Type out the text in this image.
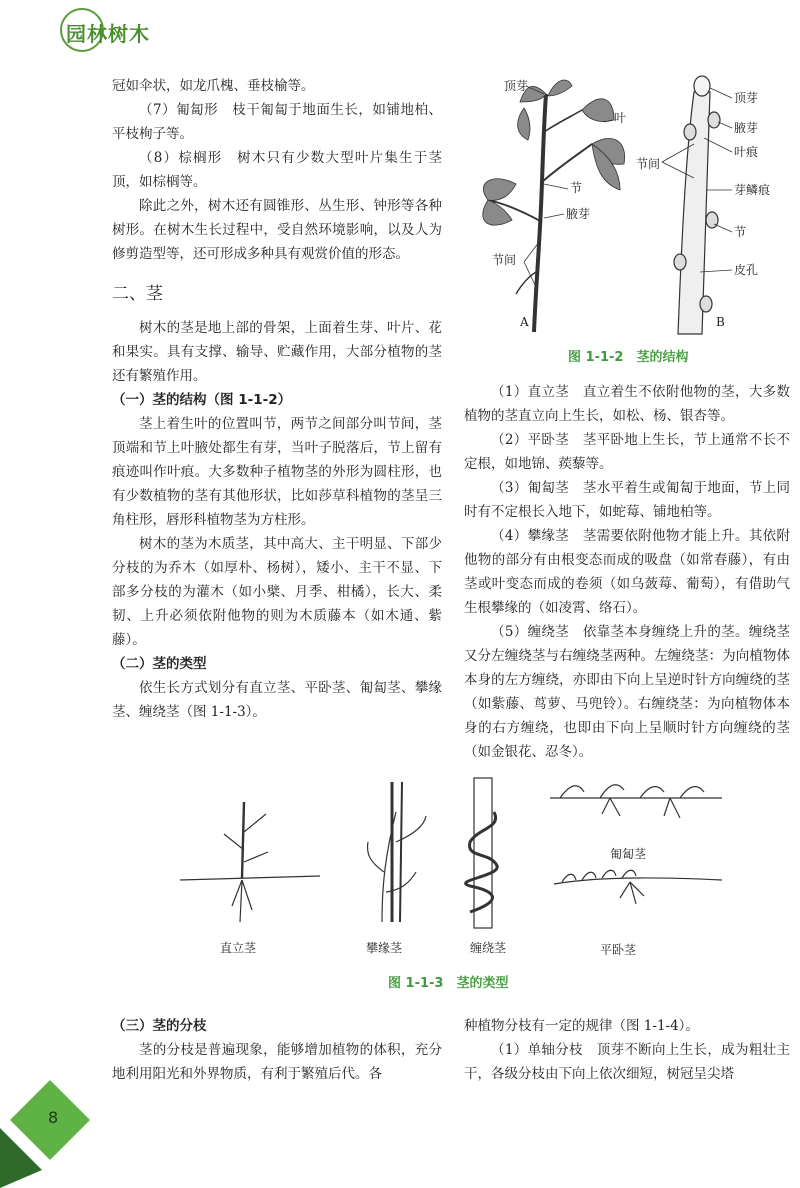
园林树木

冠如伞状，如龙爪槐、垂枝榆等。

（7）匍匐形　枝干匍匐于地面生长，如铺地柏、平枝栒子等。

（8）棕榈形　树木只有少数大型叶片集生于茎顶，如棕榈等。

除此之外，树木还有圆锥形、丛生形、钟形等各种树形。在树木生长过程中，受自然环境影响，以及人为修剪造型等，还可形成多种具有观赏价值的形态。

二、茎

树木的茎是地上部的骨架，上面着生芽、叶片、花和果实。具有支撑、输导、贮藏作用，大部分植物的茎还有繁殖作用。

（一）茎的结构（图 1-1-2）

茎上着生叶的位置叫节，两节之间部分叫节间，茎顶端和节上叶腋处都生有芽，当叶子脱落后，节上留有痕迹叫作叶痕。大多数种子植物茎的外形为圆柱形，也有少数植物的茎有其他形状，比如莎草科植物的茎呈三角柱形，唇形科植物茎为方柱形。

树木的茎为木质茎，其中高大、主干明显、下部少分枝的为乔木（如厚朴、杨树），矮小、主干不显、下部多分枝的为灌木（如小檗、月季、柑橘），长大、柔韧、上升必须依附他物的则为木质藤本（如木通、紫藤）。

（二）茎的类型

依生长方式划分有直立茎、平卧茎、匍匐茎、攀缘茎、缠绕茎（图 1-1-3）。

顶芽
叶
节
腋芽
节间
A
顶芽
腋芽
叶痕
节间
芽鳞痕
节
皮孔
B
图 1-1-2　茎的结构

（1）直立茎　直立着生不依附他物的茎，大多数植物的茎直立向上生长，如松、杨、银杏等。

（2）平卧茎　茎平卧地上生长，节上通常不长不定根，如地锦、蒺藜等。

（3）匍匐茎　茎水平着生或匍匐于地面，节上同时有不定根长入地下，如蛇莓、铺地柏等。

（4）攀缘茎　茎需要依附他物才能上升。其依附他物的部分有由根变态而成的吸盘（如常春藤），有由茎或叶变态而成的卷须（如乌蔹莓、葡萄），有借助气生根攀缘的（如凌霄、络石）。

（5）缠绕茎　依靠茎本身缠绕上升的茎。缠绕茎又分左缠绕茎与右缠绕茎两种。左缠绕茎：为向植物体本身的左方缠绕，亦即由下向上呈逆时针方向缠绕的茎（如紫藤、茑萝、马兜铃）。右缠绕茎：为向植物体本身的右方缠绕，也即由下向上呈顺时针方向缠绕的茎（如金银花、忍冬）。

直立茎	攀缘茎	缠绕茎
匍匐茎
平卧茎
图 1-1-3　茎的类型
（三）茎的分枝

茎的分枝是普遍现象，能够增加植物的体积，充分地利用阳光和外界物质，有利于繁殖后代。各

种植物分枝有一定的规律（图 1-1-4）。

（1）单轴分枝　顶芽不断向上生长，成为粗壮主干，各级分枝由下向上依次细短，树冠呈尖塔

8
